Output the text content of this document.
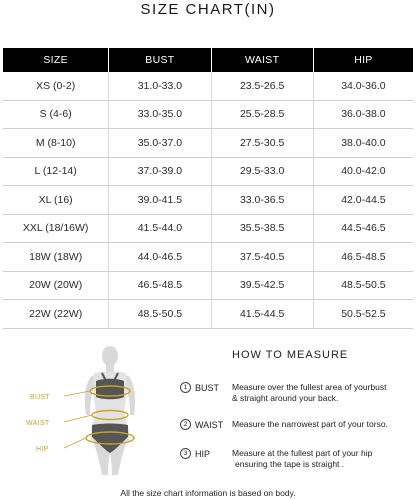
SIZE CHART(IN)
SIZE	BUST	WAIST	HIP
XS (0-2)	31.0-33.0	23.5-26.5	34.0-36.0
S (4-6)	33.0-35.0	25.5-28.5	36.0-38.0
M (8-10)	35.0-37.0	27.5-30.5	38.0-40.0
L (12-14)	37.0-39.0	29.5-33.0	40.0-42.0
XL (16)	39.0-41.5	33.0-36.5	42.0-44.5
XXL (18/16W)	41.5-44.0	35.5-38.5	44.5-46.5
18W (18W)	44.0-46.5	37.5-40.5	46.5-48.5
20W (20W)	46.5-48.5	39.5-42.5	48.5-50.5
22W (22W)	48.5-50.5	41.5-44.5	50.5-52.5
BUST
WAIST
HIP
HOW TO MEASURE
1 BUST Measure over the fullest area of yourbust
& straight around your back.
2 WAIST Measure the narrowest part of your torso.
3 HIP	Measure at the fullest part of your hip
ensuring the tape is straight .
All the size chart information is based on body.
